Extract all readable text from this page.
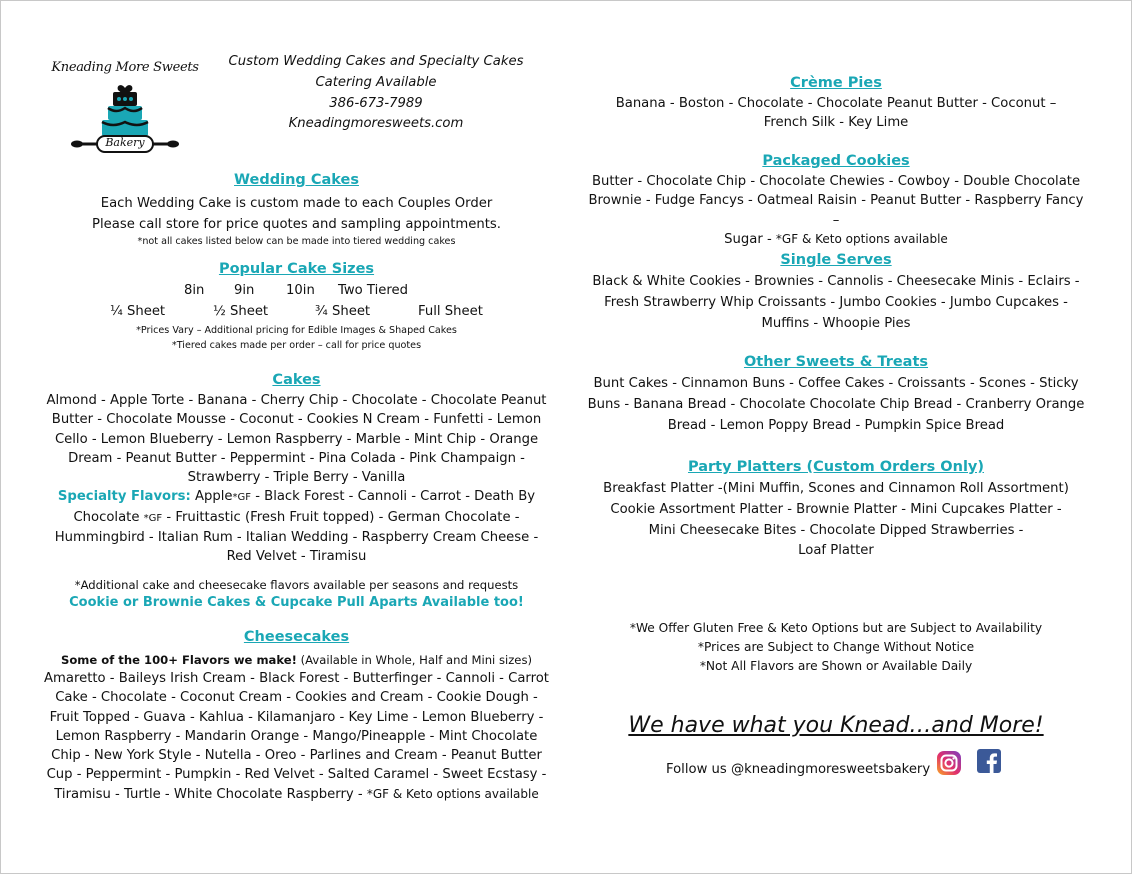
Kneading More Sweets
Bakery
Custom Wedding Cakes and Specialty Cakes
Catering Available
386-673-7989
Kneadingmoresweets.com
Wedding Cakes
Each Wedding Cake is custom made to each Couples Order
Please call store for price quotes and sampling appointments.
*not all cakes listed below can be made into tiered wedding cakes
Popular Cake Sizes
8in 9in 10in Two Tiered
¼ Sheet	½ Sheet	¾ Sheet	Full Sheet
*Prices Vary – Additional pricing for Edible Images & Shaped Cakes
*Tiered cakes made per order – call for price quotes
Cakes
Almond - Apple Torte - Banana - Cherry Chip - Chocolate - Chocolate Peanut
Butter - Chocolate Mousse - Coconut - Cookies N Cream - Funfetti - Lemon
Cello - Lemon Blueberry - Lemon Raspberry - Marble - Mint Chip - Orange
Dream - Peanut Butter - Peppermint - Pina Colada - Pink Champaign -
Strawberry - Triple Berry - Vanilla
Specialty Flavors: Apple*GF - Black Forest - Cannoli - Carrot - Death By
Chocolate *GF - Fruittastic (Fresh Fruit topped) - German Chocolate -
Hummingbird - Italian Rum - Italian Wedding - Raspberry Cream Cheese -
Red Velvet - Tiramisu
*Additional cake and cheesecake flavors available per seasons and requests
Cookie or Brownie Cakes & Cupcake Pull Aparts Available too!
Cheesecakes
Some of the 100+ Flavors we make! (Available in Whole, Half and Mini sizes)
Amaretto - Baileys Irish Cream - Black Forest - Butterfinger - Cannoli - Carrot
Cake - Chocolate - Coconut Cream - Cookies and Cream - Cookie Dough -
Fruit Topped - Guava - Kahlua - Kilamanjaro - Key Lime - Lemon Blueberry -
Lemon Raspberry - Mandarin Orange - Mango/Pineapple - Mint Chocolate
Chip - New York Style - Nutella - Oreo - Parlines and Cream - Peanut Butter
Cup - Peppermint - Pumpkin - Red Velvet - Salted Caramel - Sweet Ecstasy -
Tiramisu - Turtle - White Chocolate Raspberry - *GF & Keto options available
Crème Pies
Banana - Boston - Chocolate - Chocolate Peanut Butter - Coconut –
French Silk - Key Lime
Packaged Cookies
Butter - Chocolate Chip - Chocolate Chewies - Cowboy - Double Chocolate
Brownie - Fudge Fancys - Oatmeal Raisin - Peanut Butter - Raspberry Fancy –
Sugar - *GF & Keto options available
Single Serves
Black & White Cookies - Brownies - Cannolis - Cheesecake Minis - Eclairs -
Fresh Strawberry Whip Croissants - Jumbo Cookies - Jumbo Cupcakes -
Muffins - Whoopie Pies
Other Sweets & Treats
Bunt Cakes - Cinnamon Buns - Coffee Cakes - Croissants - Scones - Sticky
Buns - Banana Bread - Chocolate Chocolate Chip Bread - Cranberry Orange
Bread - Lemon Poppy Bread - Pumpkin Spice Bread
Party Platters (Custom Orders Only)
Breakfast Platter -(Mini Muffin, Scones and Cinnamon Roll Assortment)
Cookie Assortment Platter - Brownie Platter - Mini Cupcakes Platter -
Mini Cheesecake Bites - Chocolate Dipped Strawberries -
Loaf Platter
*We Offer Gluten Free & Keto Options but are Subject to Availability
*Prices are Subject to Change Without Notice
*Not All Flavors are Shown or Available Daily
We have what you Knead…and More!
Follow us @kneadingmoresweetsbakery
